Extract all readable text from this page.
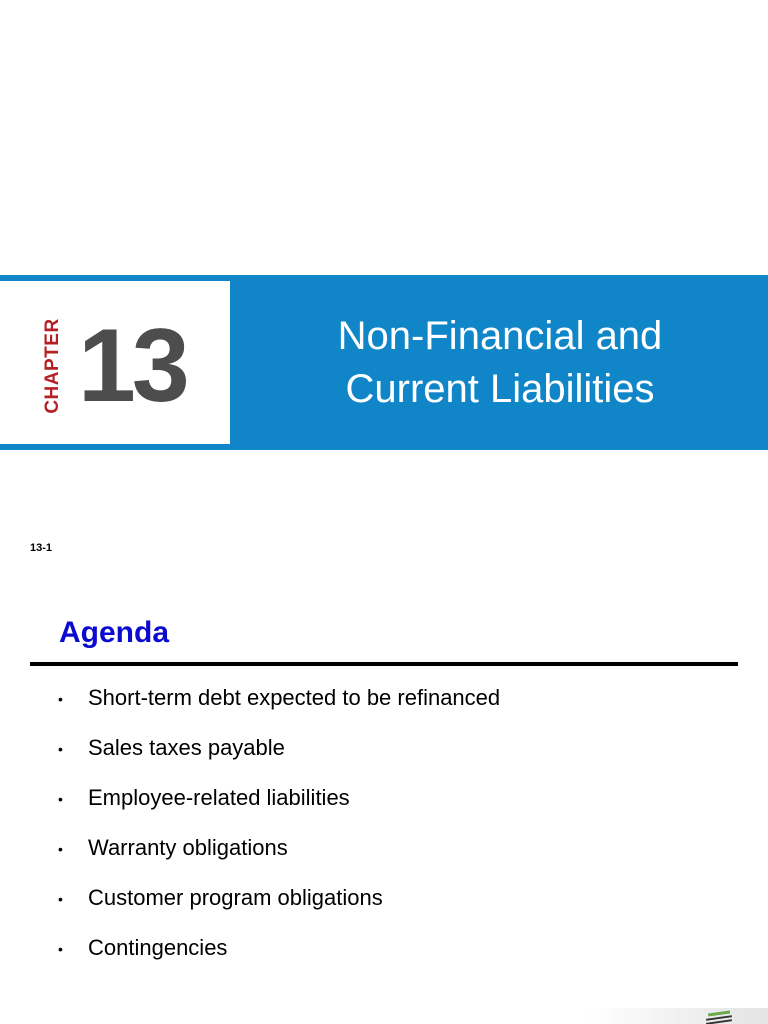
CHAPTER 13	Non-Financial and
Current Liabilities
13-1
Agenda
• Short-term debt expected to be refinanced
• Sales taxes payable
• Employee-related liabilities
• Warranty obligations
• Customer program obligations
• Contingencies
